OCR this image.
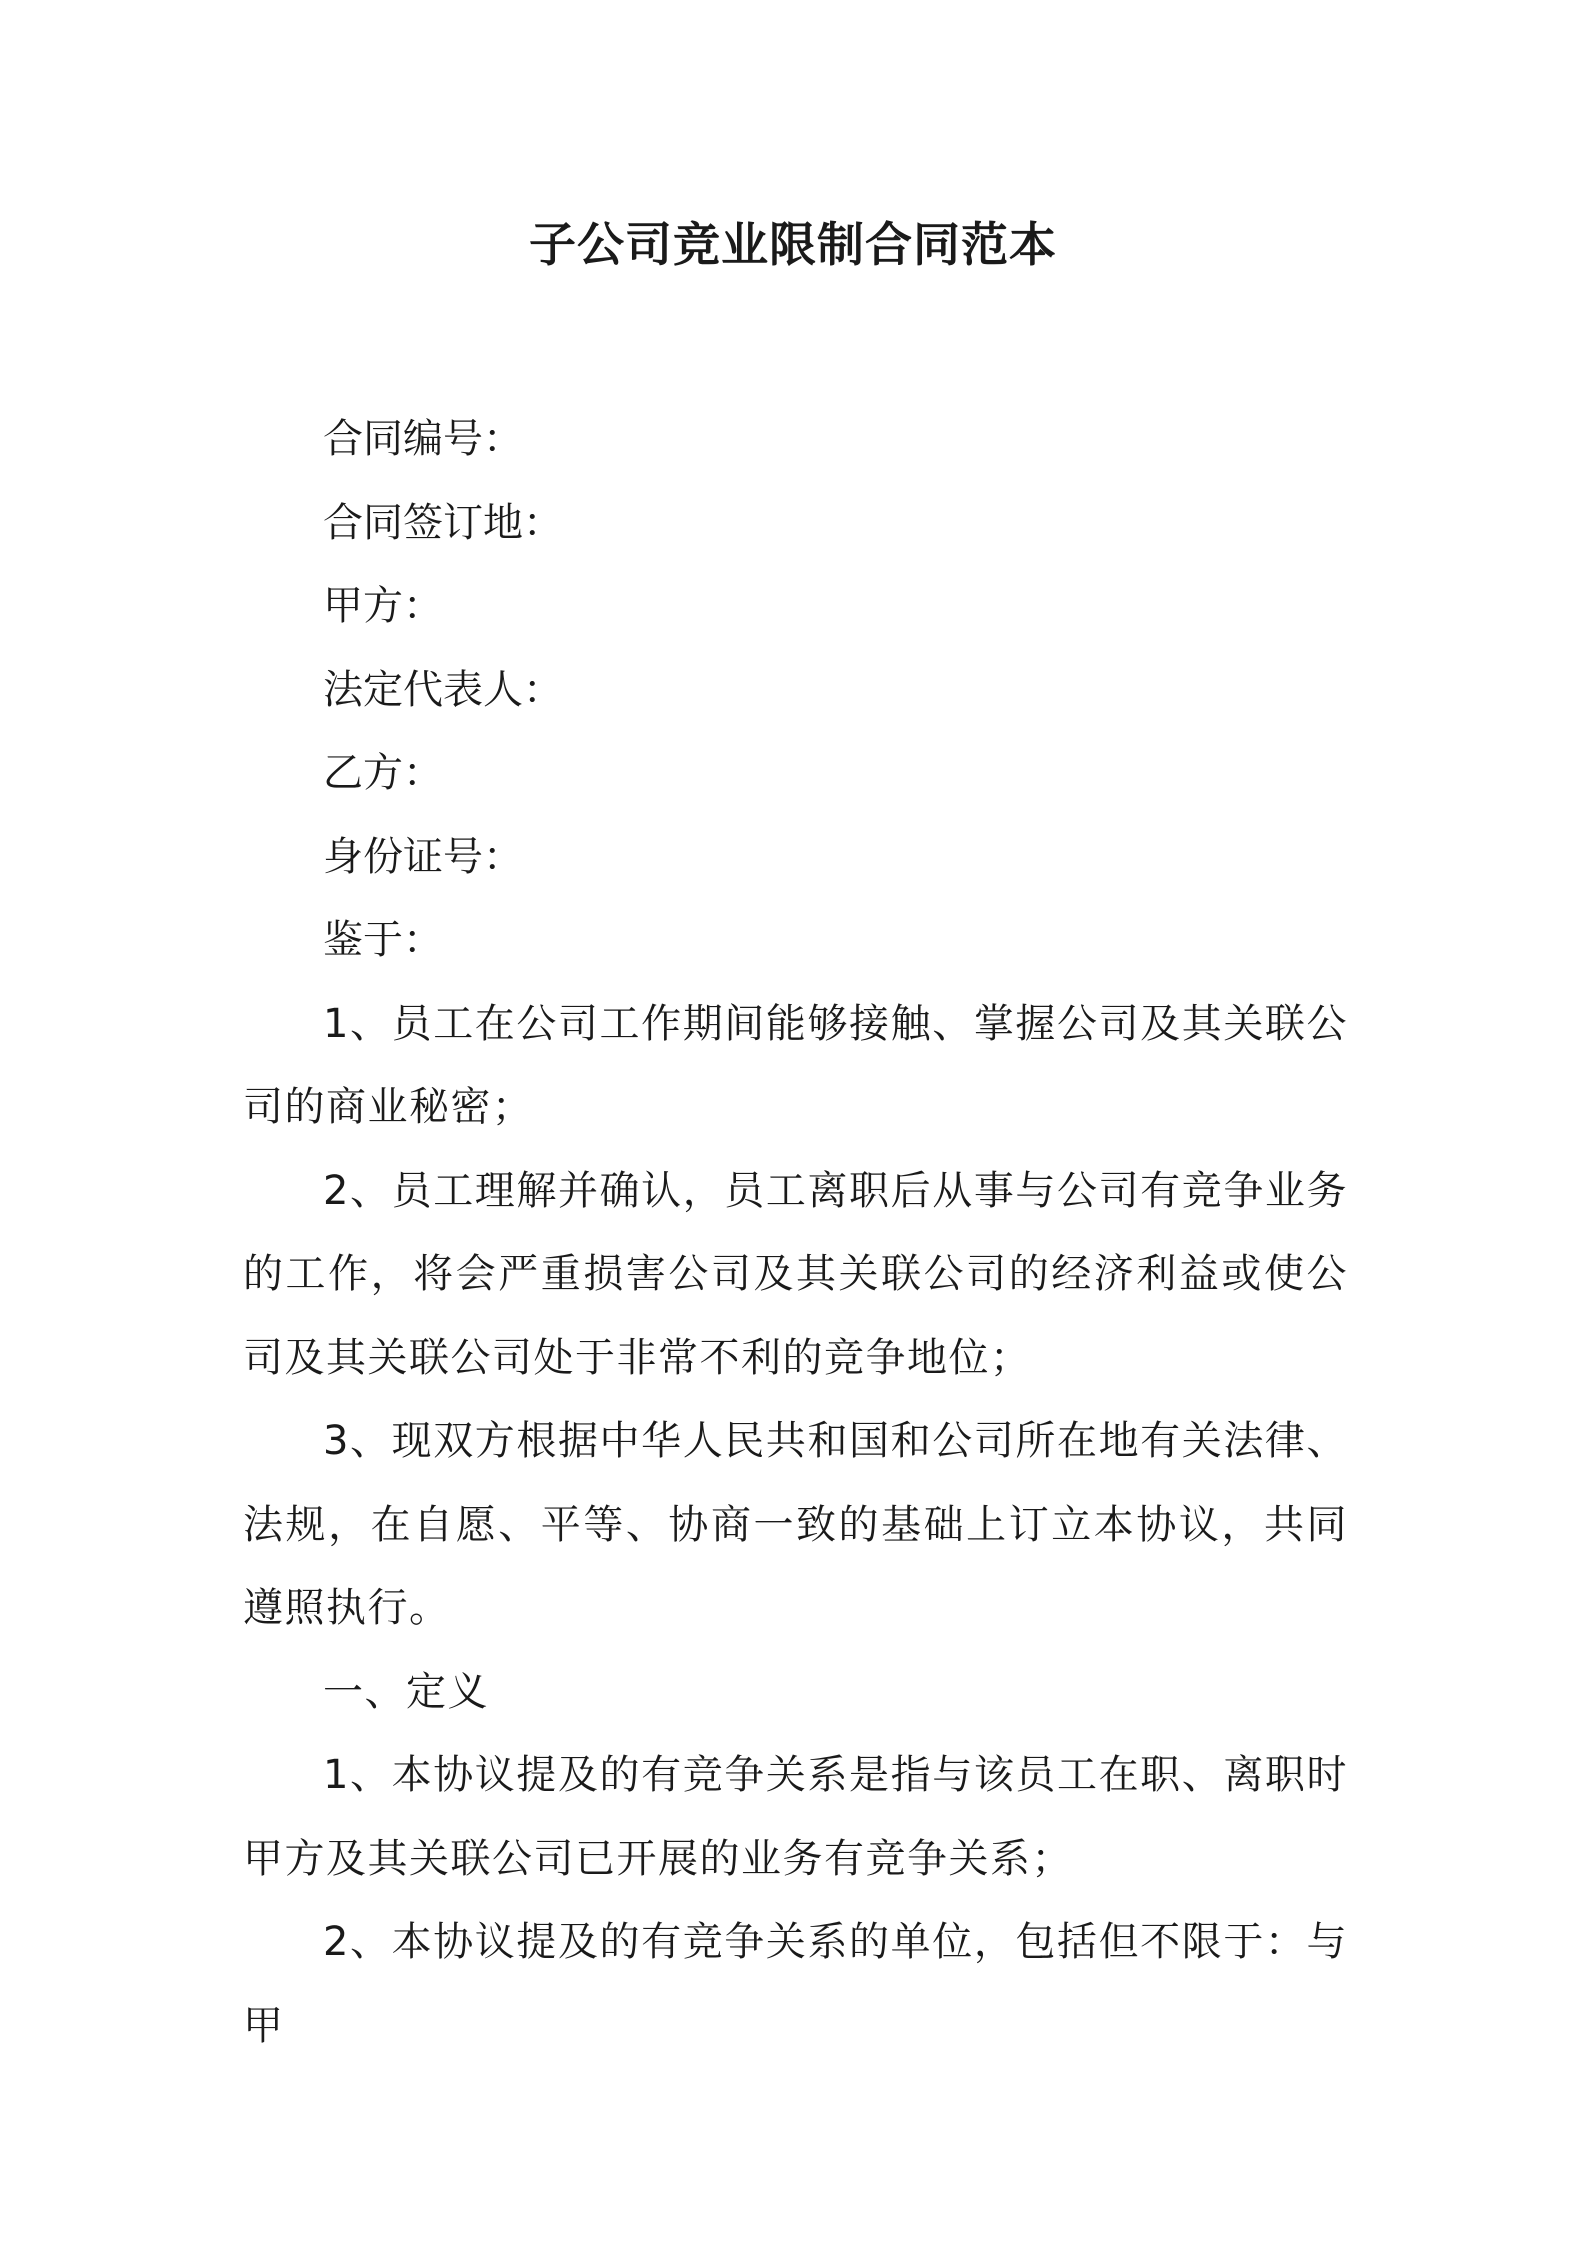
子公司竞业限制合同范本

合同编号：

合同签订地：

甲方：

法定代表人：

乙方：

身份证号：

鉴于：

1、员工在公司工作期间能够接触、掌握公司及其关联公司的商业秘密；

2、员工理解并确认，员工离职后从事与公司有竞争业务的工作，将会严重损害公司及其关联公司的经济利益或使公司及其关联公司处于非常不利的竞争地位；

3、现双方根据中华人民共和国和公司所在地有关法律、法规，在自愿、平等、协商一致的基础上订立本协议，共同遵照执行。

一、定义

1、本协议提及的有竞争关系是指与该员工在职、离职时甲方及其关联公司已开展的业务有竞争关系；

2、本协议提及的有竞争关系的单位，包括但不限于：与甲
